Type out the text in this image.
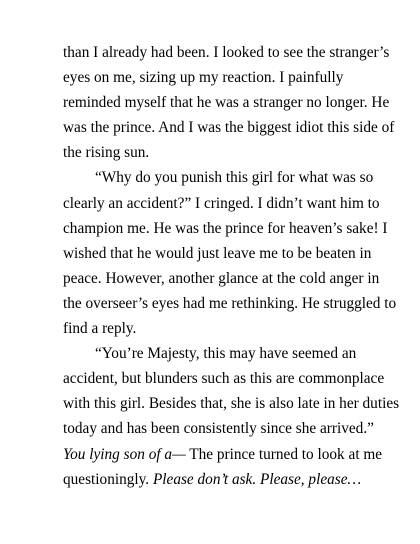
than I already had been. I looked to see the stranger’s
eyes on me, sizing up my reaction. I painfully
reminded myself that he was a stranger no longer. He
was the prince. And I was the biggest idiot this side of
the rising sun.
“Why do you punish this girl for what was so
clearly an accident?” I cringed. I didn’t want him to
champion me. He was the prince for heaven’s sake! I
wished that he would just leave me to be beaten in
peace. However, another glance at the cold anger in
the overseer’s eyes had me rethinking. He struggled to
find a reply.
“You’re Majesty, this may have seemed an
accident, but blunders such as this are commonplace
with this girl. Besides that, she is also late in her duties
today and has been consistently since she arrived.”
You lying son of a— The prince turned to look at me
questioningly. Please don’t ask. Please, please…
